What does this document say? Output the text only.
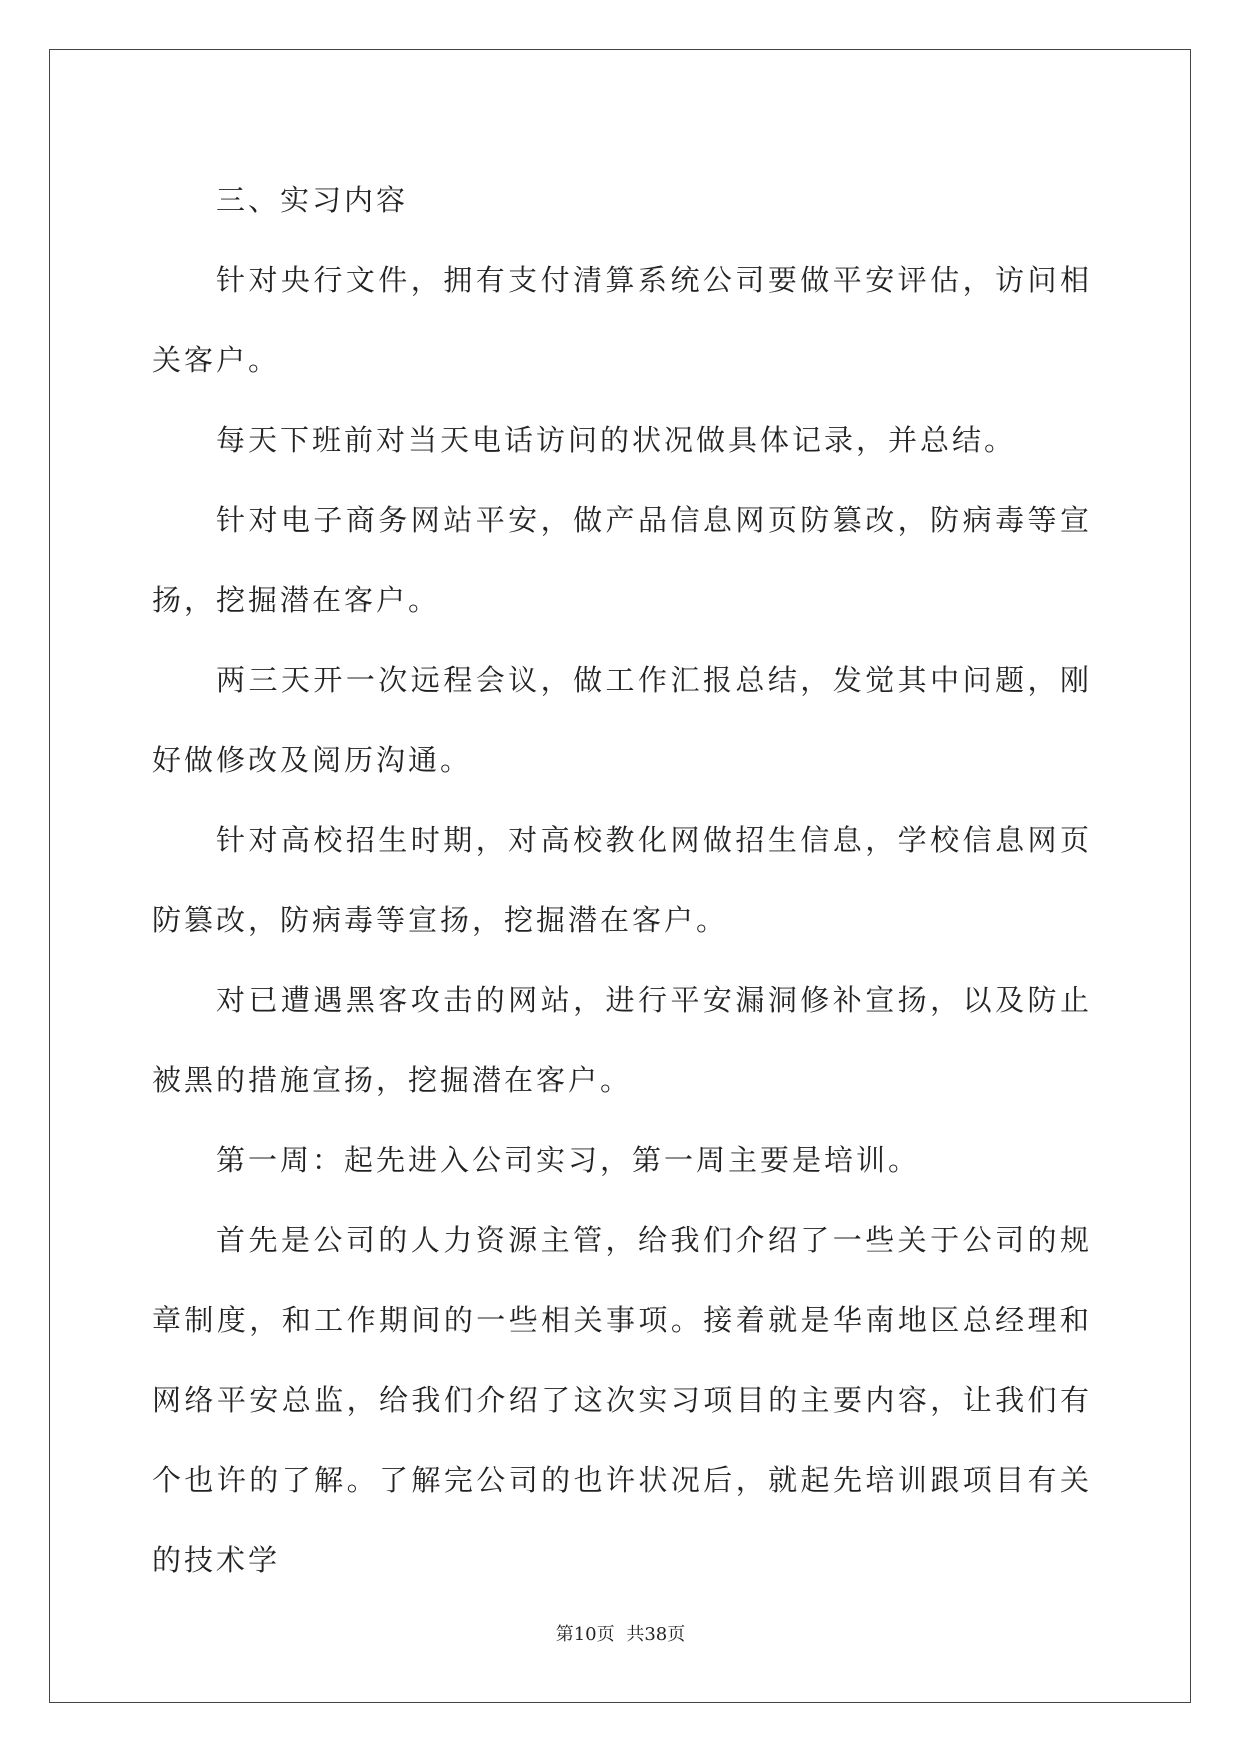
三、实习内容

针对央行文件，拥有支付清算系统公司要做平安评估，访问相关客户。

每天下班前对当天电话访问的状况做具体记录，并总结。

针对电子商务网站平安，做产品信息网页防篡改，防病毒等宣扬，挖掘潜在客户。

两三天开一次远程会议，做工作汇报总结，发觉其中问题，刚好做修改及阅历沟通。

针对高校招生时期，对高校教化网做招生信息，学校信息网页防篡改，防病毒等宣扬，挖掘潜在客户。

对已遭遇黑客攻击的网站，进行平安漏洞修补宣扬，以及防止被黑的措施宣扬，挖掘潜在客户。

第一周：起先进入公司实习，第一周主要是培训。

首先是公司的人力资源主管，给我们介绍了一些关于公司的规章制度，和工作期间的一些相关事项。接着就是华南地区总经理和网络平安总监，给我们介绍了这次实习项目的主要内容，让我们有个也许的了解。了解完公司的也许状况后，就起先培训跟项目有关的技术学

第10页 共38页
